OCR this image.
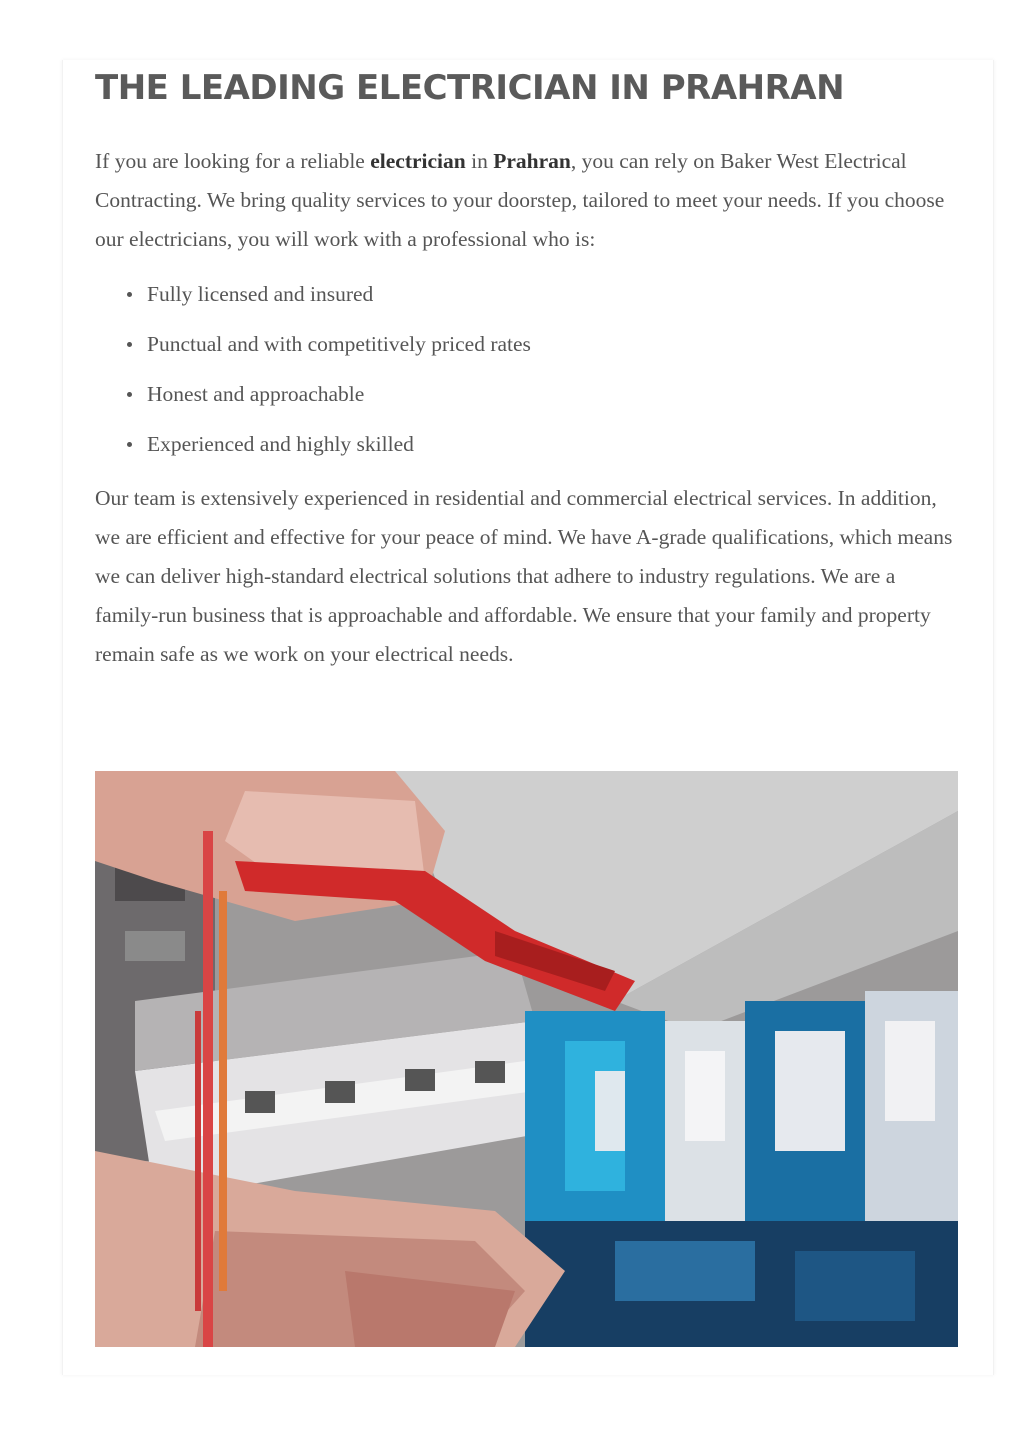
THE LEADING ELECTRICIAN IN PRAHRAN

If you are looking for a reliable electrician in Prahran, you can rely on Baker West Electrical Contracting. We bring quality services to your doorstep, tailored to meet your needs. If you choose our electricians, you will work with a professional who is:

Fully licensed and insured
Punctual and with competitively priced rates
Honest and approachable
Experienced and highly skilled

Our team is extensively experienced in residential and commercial electrical services. In addition, we are efficient and effective for your peace of mind. We have A-grade qualifications, which means we can deliver high-standard electrical solutions that adhere to industry regulations. We are a family-run business that is approachable and affordable. We ensure that your family and property remain safe as we work on your electrical needs.
